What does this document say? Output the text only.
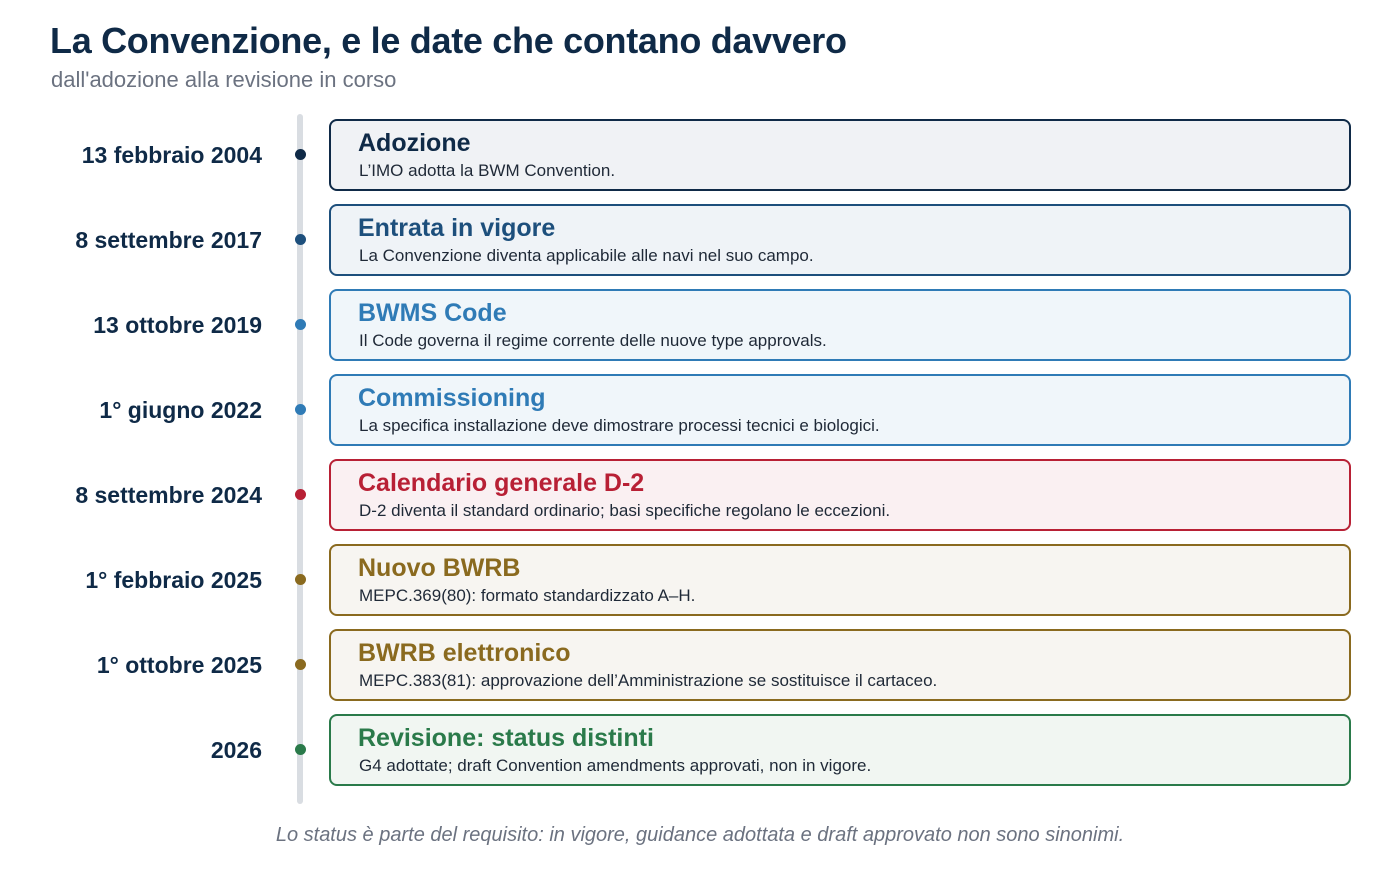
La Convenzione, e le date che contano davvero
dall'adozione alla revisione in corso
13 febbraio 2004	Adozione
L’IMO adotta la BWM Convention.
8 settembre 2017	Entrata in vigore
La Convenzione diventa applicabile alle navi nel suo campo.
13 ottobre 2019	BWMS Code
Il Code governa il regime corrente delle nuove type approvals.
1° giugno 2022	Commissioning
La specifica installazione deve dimostrare processi tecnici e biologici.
8 settembre 2024	Calendario generale D-2
D-2 diventa il standard ordinario; basi specifiche regolano le eccezioni.
1° febbraio 2025	Nuovo BWRB
MEPC.369(80): formato standardizzato A–H.
1° ottobre 2025	BWRB elettronico
MEPC.383(81): approvazione dell’Amministrazione se sostituisce il cartaceo.
2026	Revisione: status distinti
G4 adottate; draft Convention amendments approvati, non in vigore.
Lo status è parte del requisito: in vigore, guidance adottata e draft approvato non sono sinonimi.
